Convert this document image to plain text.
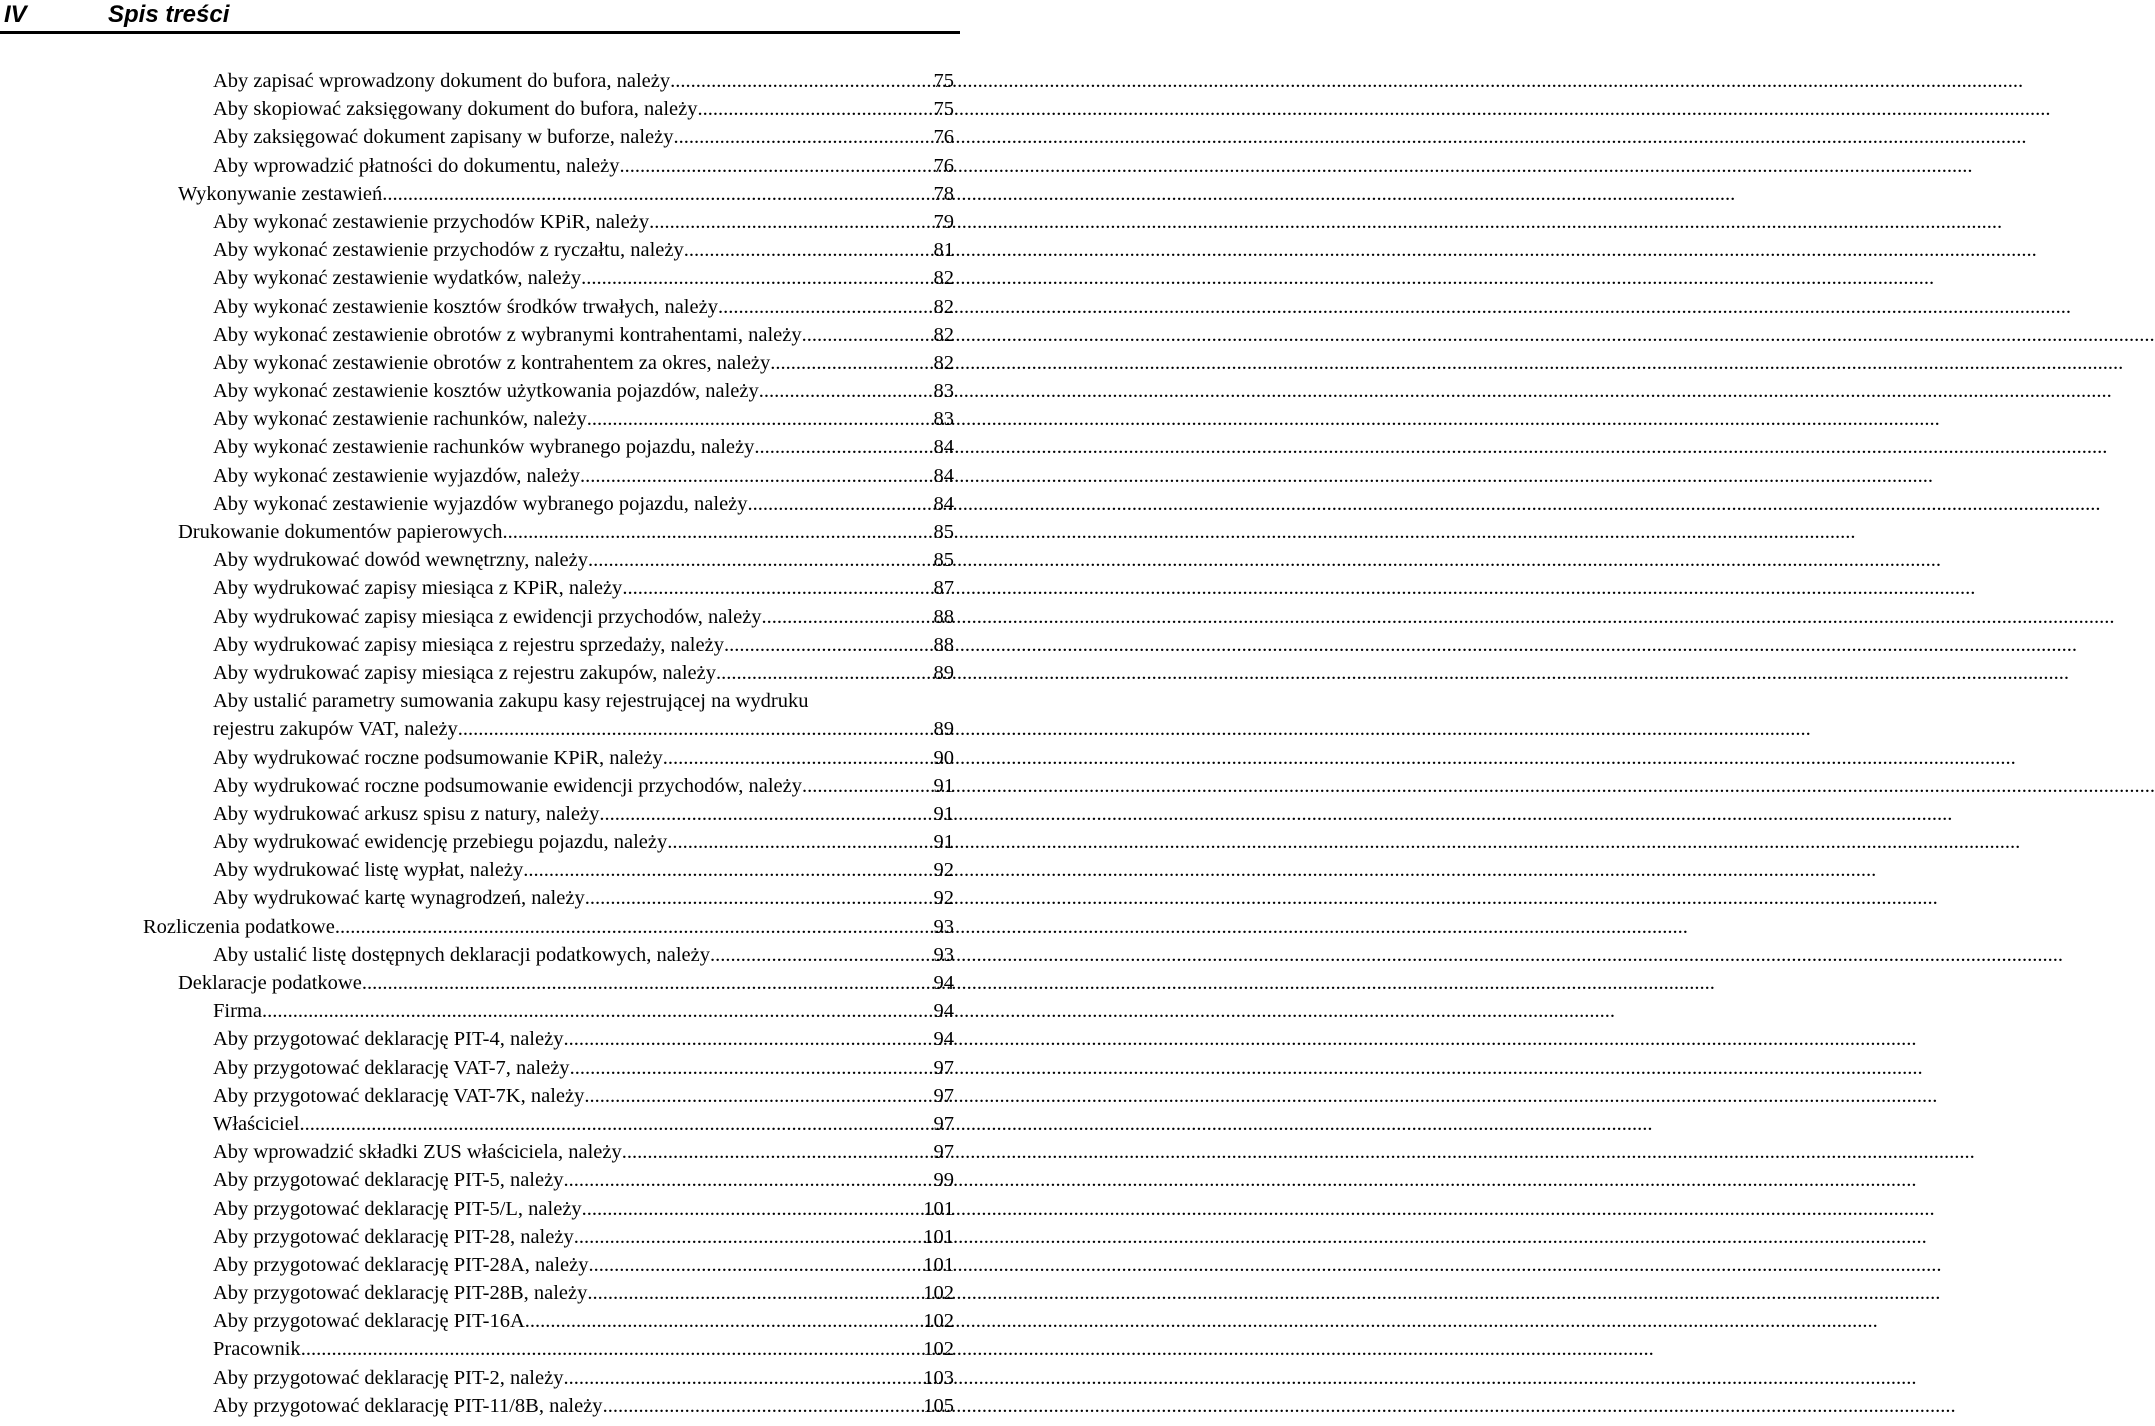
IV	Spis treści
Aby zapisać wprowadzony dokument do bufora, należy .....	75
Aby skopiować zaksięgowany dokument do bufora, należy .....	75
Aby zaksięgować dokument zapisany w buforze, należy .....	76
Aby wprowadzić płatności do dokumentu, należy .....	76
Wykonywanie zestawień .....	78
Aby wykonać zestawienie przychodów KPiR, należy .....	79
Aby wykonać zestawienie przychodów z ryczałtu, należy .....	81
Aby wykonać zestawienie wydatków, należy .....	82
Aby wykonać zestawienie kosztów środków trwałych, należy .....	82
Aby wykonać zestawienie obrotów z wybranymi kontrahentami, należy .....	82
Aby wykonać zestawienie obrotów z kontrahentem za okres, należy .....	82
Aby wykonać zestawienie kosztów użytkowania pojazdów, należy .....	83
Aby wykonać zestawienie rachunków, należy .....	83
Aby wykonać zestawienie rachunków wybranego pojazdu, należy .....	84
Aby wykonać zestawienie wyjazdów, należy .....	84
Aby wykonać zestawienie wyjazdów wybranego pojazdu, należy .....	84
Drukowanie dokumentów papierowych .....	85
Aby wydrukować dowód wewnętrzny, należy .....	85
Aby wydrukować zapisy miesiąca z KPiR, należy .....	87
Aby wydrukować zapisy miesiąca z ewidencji przychodów, należy .....	88
Aby wydrukować zapisy miesiąca z rejestru sprzedaży, należy .....	88
Aby wydrukować zapisy miesiąca z rejestru zakupów, należy .....	89
Aby ustalić parametry sumowania zakupu kasy rejestrującej na wydruku
rejestru zakupów VAT, należy .....	89
Aby wydrukować roczne podsumowanie KPiR, należy .....	90
Aby wydrukować roczne podsumowanie ewidencji przychodów, należy .....	91
Aby wydrukować arkusz spisu z natury, należy .....	91
Aby wydrukować ewidencję przebiegu pojazdu, należy .....	91
Aby wydrukować listę wypłat, należy .....	92
Aby wydrukować kartę wynagrodzeń, należy .....	92
Rozliczenia podatkowe .....	93
Aby ustalić listę dostępnych deklaracji podatkowych, należy .....	93
Deklaracje podatkowe .....	94
Firma .....	94
Aby przygotować deklarację PIT-4, należy .....	94
Aby przygotować deklarację VAT-7, należy .....	97
Aby przygotować deklarację VAT-7K, należy .....	97
Właściciel .....	97
Aby wprowadzić składki ZUS właściciela, należy .....	97
Aby przygotować deklarację PIT-5, należy .....	99
Aby przygotować deklarację PIT-5/L, należy .....	101
Aby przygotować deklarację PIT-28, należy .....	101
Aby przygotować deklarację PIT-28A, należy .....	101
Aby przygotować deklarację PIT-28B, należy .....	102
Aby przygotować deklarację PIT-16A .....	102
Pracownik .....	102
Aby przygotować deklarację PIT-2, należy .....	103
Aby przygotować deklarację PIT-11/8B, należy .....	105
